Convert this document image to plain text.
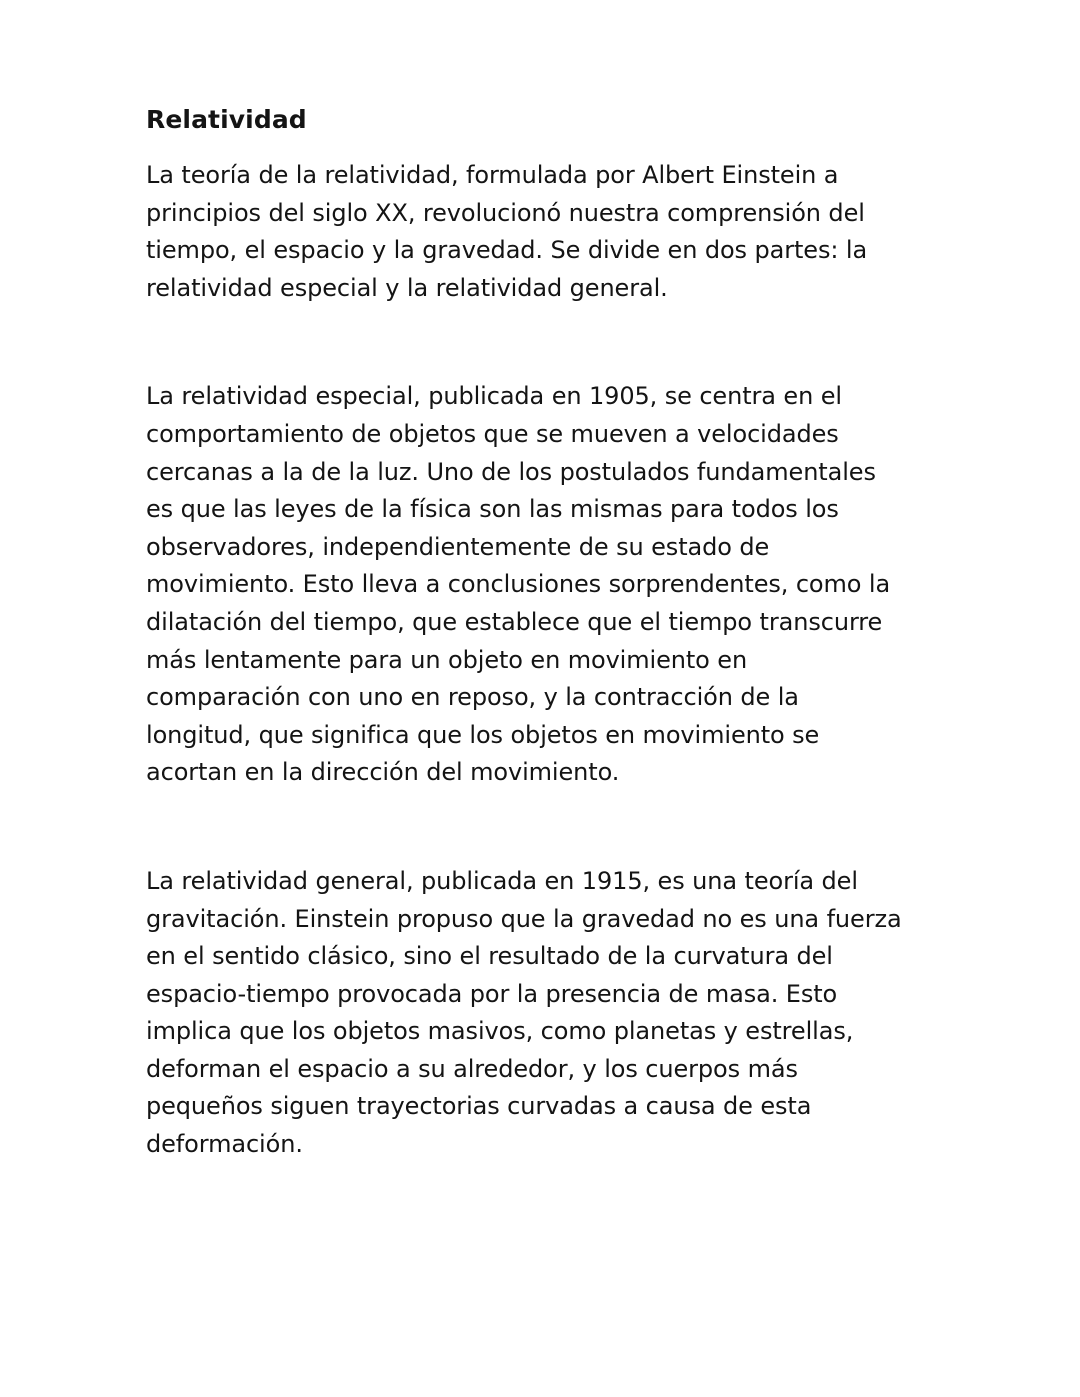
Relatividad

La teoría de la relatividad, formulada por Albert Einstein a principios del siglo XX, revolucionó nuestra comprensión del tiempo, el espacio y la gravedad. Se divide en dos partes: la relatividad especial y la relatividad general.

La relatividad especial, publicada en 1905, se centra en el comportamiento de objetos que se mueven a velocidades cercanas a la de la luz. Uno de los postulados fundamentales es que las leyes de la física son las mismas para todos los observadores, independientemente de su estado de movimiento. Esto lleva a conclusiones sorprendentes, como la dilatación del tiempo, que establece que el tiempo transcurre más lentamente para un objeto en movimiento en comparación con uno en reposo, y la contracción de la longitud, que significa que los objetos en movimiento se acortan en la dirección del movimiento.

La relatividad general, publicada en 1915, es una teoría del gravitación. Einstein propuso que la gravedad no es una fuerza en el sentido clásico, sino el resultado de la curvatura del espacio-tiempo provocada por la presencia de masa. Esto implica que los objetos masivos, como planetas y estrellas, deforman el espacio a su alrededor, y los cuerpos más pequeños siguen trayectorias curvadas a causa de esta deformación.
